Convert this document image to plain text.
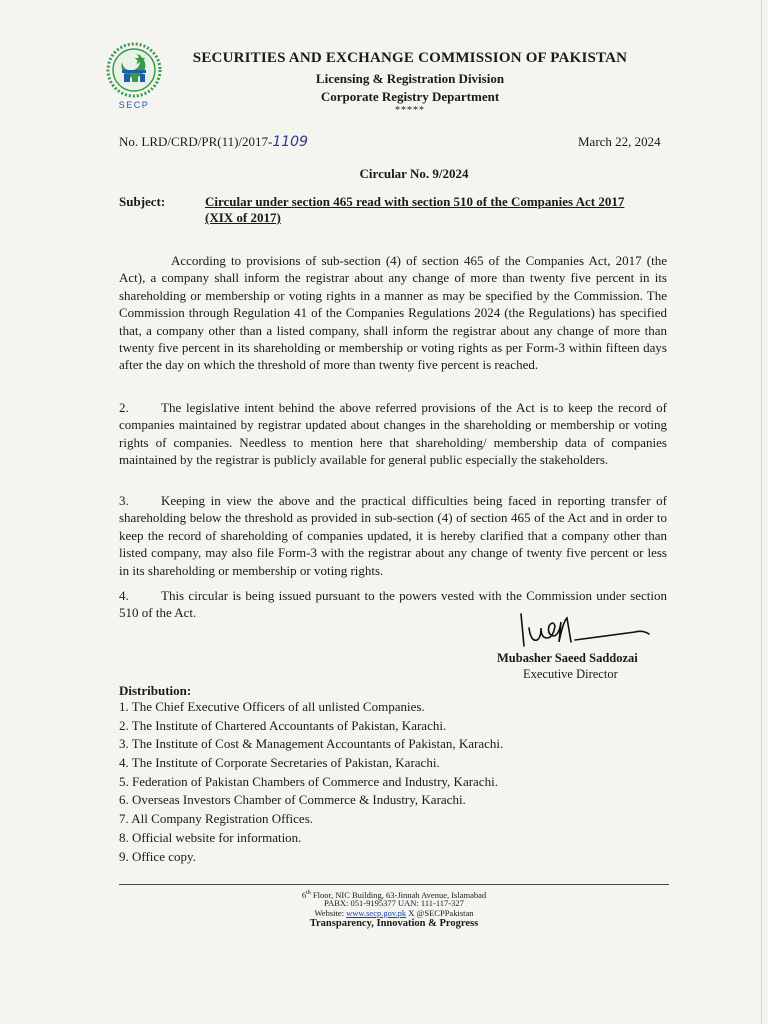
SECP
SECURITIES AND EXCHANGE COMMISSION OF PAKISTAN
Licensing & Registration Division
Corporate Registry Department
*****
No. LRD/CRD/PR(11)/2017-1109	March 22, 2024
Circular No. 9/2024
Subject:	Circular under section 465 read with section 510 of the Companies Act 2017 (XIX of 2017)
According to provisions of sub-section (4) of section 465 of the Companies Act, 2017 (the Act), a company shall inform the registrar about any change of more than twenty five percent in its shareholding or membership or voting rights in a manner as may be specified by the Commission. The Commission through Regulation 41 of the Companies Regulations 2024 (the Regulations) has specified that, a company other than a listed company, shall inform the registrar about any change of more than twenty five percent in its shareholding or membership or voting rights as per Form-3 within fifteen days after the day on which the threshold of more than twenty five percent is reached.
2. The legislative intent behind the above referred provisions of the Act is to keep the record of companies maintained by registrar updated about changes in the shareholding or membership or voting rights of companies. Needless to mention here that shareholding/ membership data of companies maintained by the registrar is publicly available for general public especially the stakeholders.
3. Keeping in view the above and the practical difficulties being faced in reporting transfer of shareholding below the threshold as provided in sub-section (4) of section 465 of the Act and in order to keep the record of shareholding of companies updated, it is hereby clarified that a company other than listed company, may also file Form-3 with the registrar about any change of twenty five percent or less in its shareholding or membership or voting rights.
4. This circular is being issued pursuant to the powers vested with the Commission under section 510 of the Act.
Mubasher Saeed Saddozai
Executive Director
Distribution:
1. The Chief Executive Officers of all unlisted Companies.
2. The Institute of Chartered Accountants of Pakistan, Karachi.
3. The Institute of Cost & Management Accountants of Pakistan, Karachi.
4. The Institute of Corporate Secretaries of Pakistan, Karachi.
5. Federation of Pakistan Chambers of Commerce and Industry, Karachi.
6. Overseas Investors Chamber of Commerce & Industry, Karachi.
7. All Company Registration Offices.
8. Official website for information.
9. Office copy.
6th Floor, NIC Building, 63-Jinnah Avenue, Islamabad
PABX: 051-9195377 UAN: 111-117-327
Website: www.secp.gov.pk X @SECPPakistan
Transparency, Innovation & Progress
